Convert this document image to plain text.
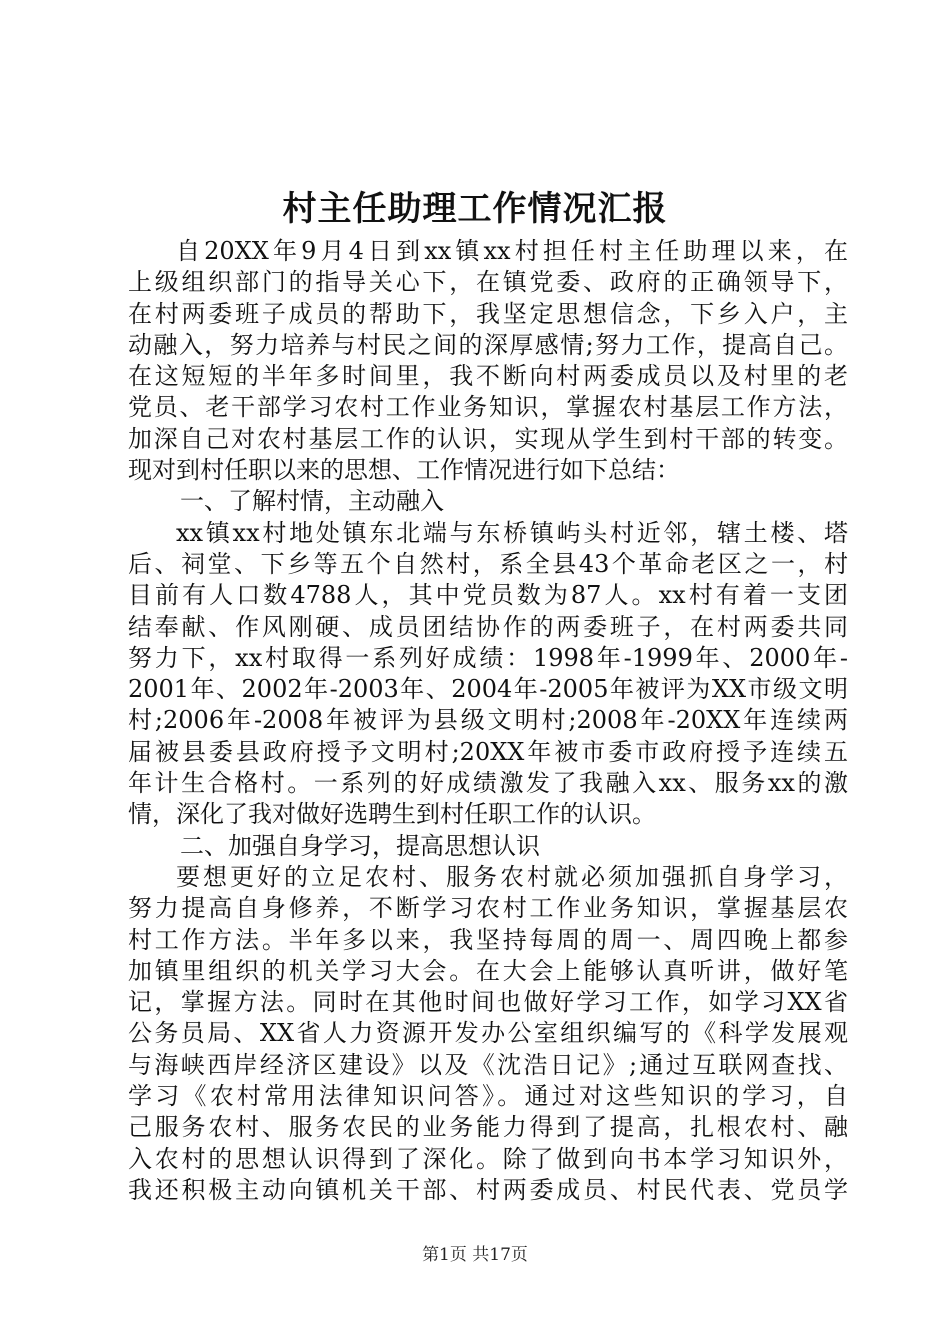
村主任助理工作情况汇报
自20XX年9月4日到xx镇xx村担任村主任助理以来，在
上级组织部门的指导关心下，在镇党委、政府的正确领导下，
在村两委班子成员的帮助下，我坚定思想信念，下乡入户，主
动融入，努力培养与村民之间的深厚感情;努力工作，提高自己。
在这短短的半年多时间里，我不断向村两委成员以及村里的老
党员、老干部学习农村工作业务知识，掌握农村基层工作方法，
加深自己对农村基层工作的认识，实现从学生到村干部的转变。
现对到村任职以来的思想、工作情况进行如下总结：
一、了解村情，主动融入
xx镇xx村地处镇东北端与东桥镇屿头村近邻，辖土楼、塔
后、祠堂、下乡等五个自然村，系全县43个革命老区之一，村
目前有人口数4788人，其中党员数为87人。xx村有着一支团
结奉献、作风刚硬、成员团结协作的两委班子，在村两委共同
努力下，xx村取得一系列好成绩：1998年-1999年、2000年-
2001年、2002年-2003年、2004年-2005年被评为XX市级文明
村;2006年-2008年被评为县级文明村;2008年-20XX年连续两
届被县委县政府授予文明村;20XX年被市委市政府授予连续五
年计生合格村。一系列的好成绩激发了我融入xx、服务xx的激
情，深化了我对做好选聘生到村任职工作的认识。
二、加强自身学习，提高思想认识
要想更好的立足农村、服务农村就必须加强抓自身学习，
努力提高自身修养，不断学习农村工作业务知识，掌握基层农
村工作方法。半年多以来，我坚持每周的周一、周四晚上都参
加镇里组织的机关学习大会。在大会上能够认真听讲，做好笔
记，掌握方法。同时在其他时间也做好学习工作，如学习XX省
公务员局、XX省人力资源开发办公室组织编写的《科学发展观
与海峡西岸经济区建设》以及《沈浩日记》;通过互联网查找、
学习《农村常用法律知识问答》。通过对这些知识的学习，自
己服务农村、服务农民的业务能力得到了提高，扎根农村、融
入农村的思想认识得到了深化。除了做到向书本学习知识外，
我还积极主动向镇机关干部、村两委成员、村民代表、党员学
第1页 共17页
